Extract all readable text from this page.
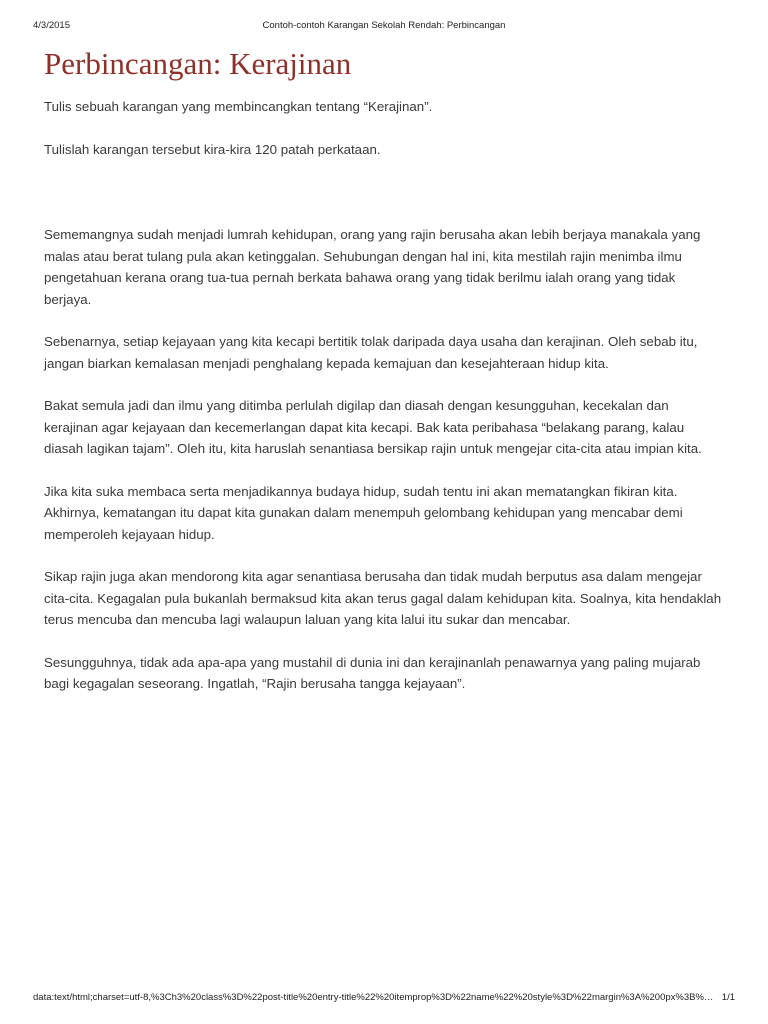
4/3/2015	Contoh-contoh Karangan Sekolah Rendah: Perbincangan
Perbincangan: Kerajinan

Tulis sebuah karangan yang membincangkan tentang “Kerajinan”.

Tulislah karangan tersebut kira-kira 120 patah perkataan.

Sememangnya sudah menjadi lumrah kehidupan, orang yang rajin berusaha akan lebih berjaya manakala yang malas atau berat tulang pula akan ketinggalan. Sehubungan dengan hal ini, kita mestilah rajin menimba ilmu pengetahuan kerana orang tua-tua pernah berkata bahawa orang yang tidak berilmu ialah orang yang tidak berjaya.

Sebenarnya, setiap kejayaan yang kita kecapi bertitik tolak daripada daya usaha dan kerajinan. Oleh sebab itu, jangan biarkan kemalasan menjadi penghalang kepada kemajuan dan kesejahteraan hidup kita.

Bakat semula jadi dan ilmu yang ditimba perlulah digilap dan diasah dengan kesungguhan, kecekalan dan kerajinan agar kejayaan dan kecemerlangan dapat kita kecapi. Bak kata peribahasa “belakang parang, kalau diasah lagikan tajam”. Oleh itu, kita haruslah senantiasa bersikap rajin untuk mengejar cita-cita atau impian kita.

Jika kita suka membaca serta menjadikannya budaya hidup, sudah tentu ini akan mematangkan fikiran kita. Akhirnya, kematangan itu dapat kita gunakan dalam menempuh gelombang kehidupan yang mencabar demi memperoleh kejayaan hidup.

Sikap rajin juga akan mendorong kita agar senantiasa berusaha dan tidak mudah berputus asa dalam mengejar cita-cita. Kegagalan pula bukanlah bermaksud kita akan terus gagal dalam kehidupan kita. Soalnya, kita hendaklah terus mencuba dan mencuba lagi walaupun laluan yang kita lalui itu sukar dan mencabar.

Sesungguhnya, tidak ada apa-apa yang mustahil di dunia ini dan kerajinanlah penawarnya yang paling mujarab bagi kegagalan seseorang. Ingatlah, “Rajin berusaha tangga kejayaan”.

data:text/html;charset=utf-8,%3Ch3%20class%3D%22post-title%20entry-title%22%20itemprop%3D%22name%22%20style%3D%22margin%3A%200px%3B%… 1/1
